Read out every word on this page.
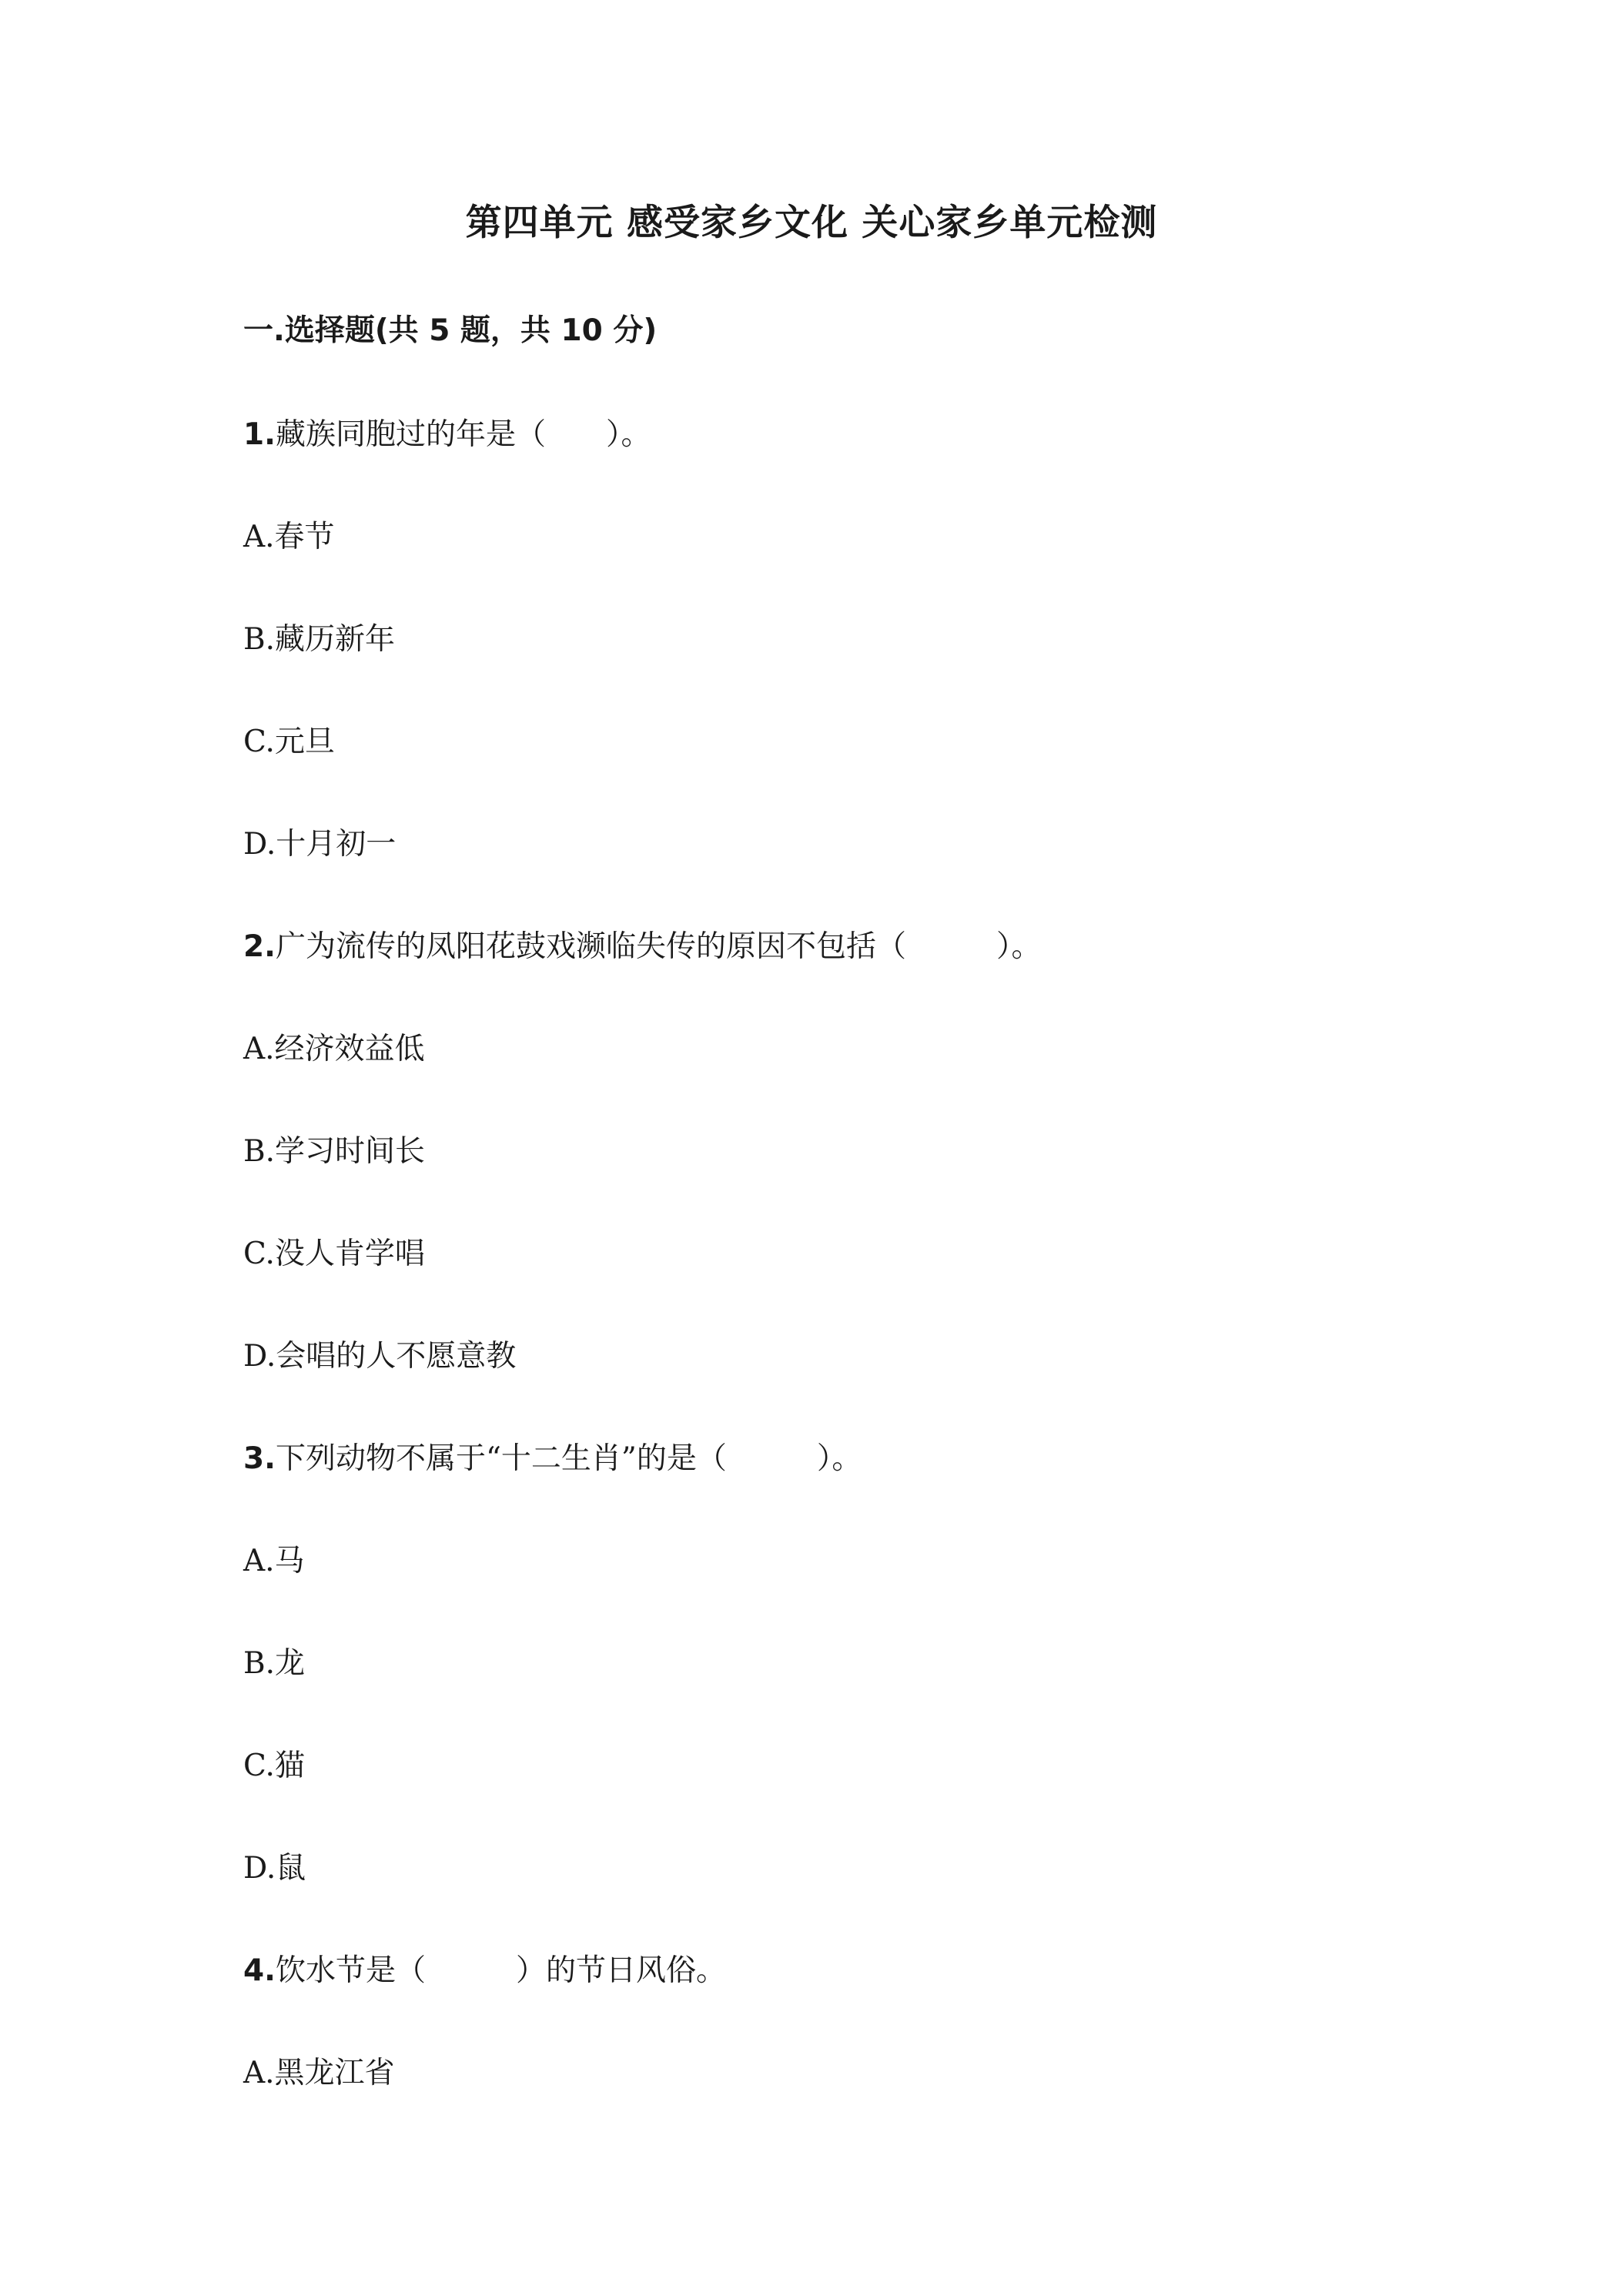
第四单元 感受家乡文化 关心家乡单元检测
一.选择题(共 5 题，共 10 分)
1.藏族同胞过的年是（　　）。
A.春节
B.藏历新年
C.元旦
D.十月初一
2.广为流传的凤阳花鼓戏濒临失传的原因不包括（　　　）。
A.经济效益低
B.学习时间长
C.没人肯学唱
D.会唱的人不愿意教
3.下列动物不属于“十二生肖”的是（　　　）。
A.马
B.龙
C.猫
D.鼠
4.饮水节是（　　　）的节日风俗。
A.黑龙江省
